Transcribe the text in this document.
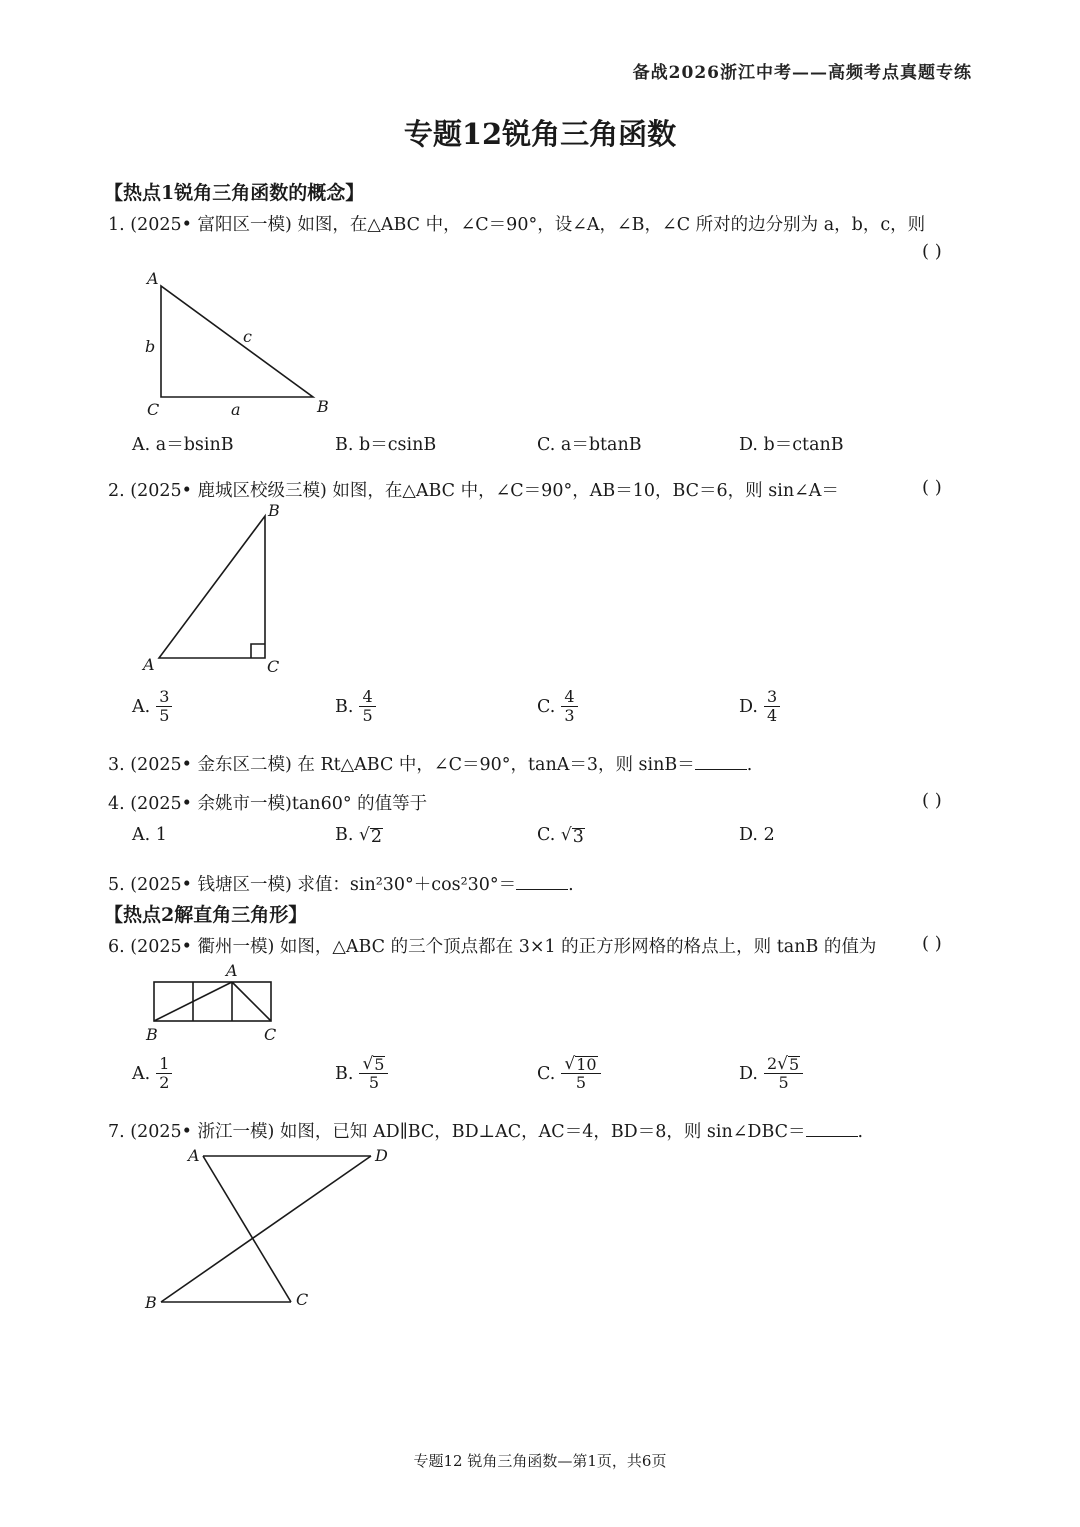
备战2026浙江中考——高频考点真题专练
专题12锐角三角函数
【热点1锐角三角函数的概念】
1. (2025• 富阳区一模) 如图，在△ABC 中，∠C＝90°，设∠A，∠B，∠C 所对的边分别为 a，b，c，则
( )
A
b
c
C	a	B
A. a＝bsinB	B. b＝csinB	C. a＝btanB	D. b＝ctanB
2. (2025• 鹿城区校级三模) 如图，在△ABC 中，∠C＝90°，AB＝10，BC＝6，则 sin∠A＝	( )
B
A	C
A. $\frac{3}{5}$	B. $\frac{4}{5}$	C. $\frac{4}{3}$	D. $\frac{3}{4}$
3. (2025• 金东区二模) 在 Rt△ABC 中，∠C＝90°，tanA＝3，则 sinB＝	.
4. (2025• 余姚市一模)tan60° 的值等于	( )
A.
1	B.
√ 2	C.
√ 3	D.
2
5. (2025• 钱塘区一模) 求值：sin²30°＋cos²30°＝	.
【热点2解直角三角形】
6. (2025• 衢州一模) 如图，△ABC 的三个顶点都在 3×1 的正方形网格的格点上，则 tanB 的值为	( )
A
B	C
A. $\frac{1}{2}$	B. $\frac{√ 5}{5}$	C. $\frac{√ 10}{5}$	D. $\frac{2 √ 5}{5}$
7. (2025• 浙江一模) 如图，已知 AD∥BC，BD⊥AC，AC＝4，BD＝8，则 sin∠DBC＝	.
A	D
B	C
专题12 锐角三角函数—第1页，共6页
